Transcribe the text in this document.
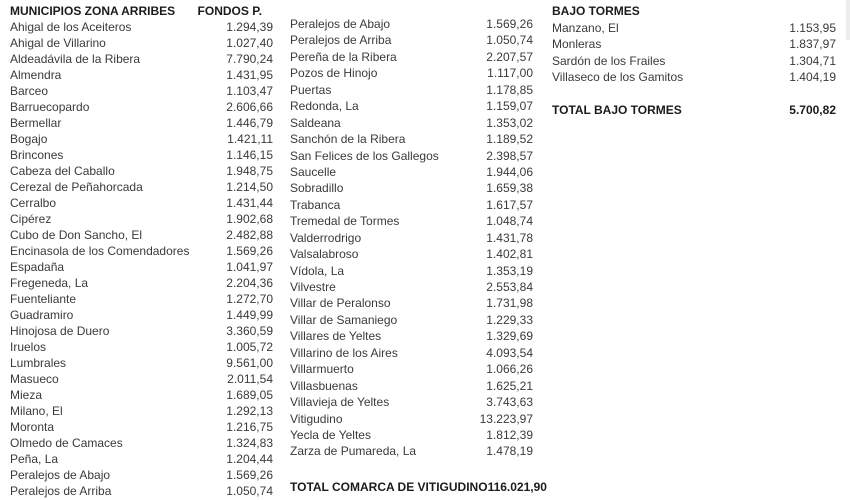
MUNICIPIOS ZONA ARRIBES FONDOS P.
Ahigal de los Aceiteros	1.294,39
Ahigal de Villarino	1.027,40
Aldeadávila de la Ribera	7.790,24
Almendra	1.431,95
Barceo	1.103,47
Barruecopardo	2.606,66
Bermellar	1.446,79
Bogajo	1.421,11
Brincones	1.146,15
Cabeza del Caballo	1.948,75
Cerezal de Peñahorcada	1.214,50
Cerralbo	1.431,44
Cipérez	1.902,68
Cubo de Don Sancho, El	2.482,88
Encinasola de los Comendadores	1.569,26
Espadaña	1.041,97
Fregeneda, La	2.204,36
Fuenteliante	1.272,70
Guadramiro	1.449,99
Hinojosa de Duero	3.360,59
Iruelos	1.005,72
Lumbrales	9.561,00
Masueco	2.011,54
Mieza	1.689,05
Milano, El	1.292,13
Moronta	1.216,75
Olmedo de Camaces	1.324,83
Peña, La	1.204,44
Peralejos de Abajo	1.569,26
Peralejos de Arriba	1.050,74
Peralejos de Abajo	1.569,26
Peralejos de Arriba	1.050,74
Pereña de la Ribera	2.207,57
Pozos de Hinojo	1.117,00
Puertas	1.178,85
Redonda, La	1.159,07
Saldeana	1.353,02
Sanchón de la Ribera	1.189,52
San Felices de los Gallegos	2.398,57
Saucelle	1.944,06
Sobradillo	1.659,38
Trabanca	1.617,57
Tremedal de Tormes	1.048,74
Valderrodrigo	1.431,78
Valsalabroso	1.402,81
Vídola, La	1.353,19
Vilvestre	2.553,84
Villar de Peralonso	1.731,98
Villar de Samaniego	1.229,33
Villares de Yeltes	1.329,69
Villarino de los Aires	4.093,54
Villarmuerto	1.066,26
Villasbuenas	1.625,21
Villavieja de Yeltes	3.743,63
Vitigudino	13.223,97
Yecla de Yeltes	1.812,39
Zarza de Pumareda, La	1.478,19
TOTAL COMARCA DE VITIGUDINO 116.021,90
BAJO TORMES
Manzano, El	1.153,95
Monleras	1.837,97
Sardón de los Frailes	1.304,71
Villaseco de los Gamitos	1.404,19
TOTAL BAJO TORMES	5.700,82
